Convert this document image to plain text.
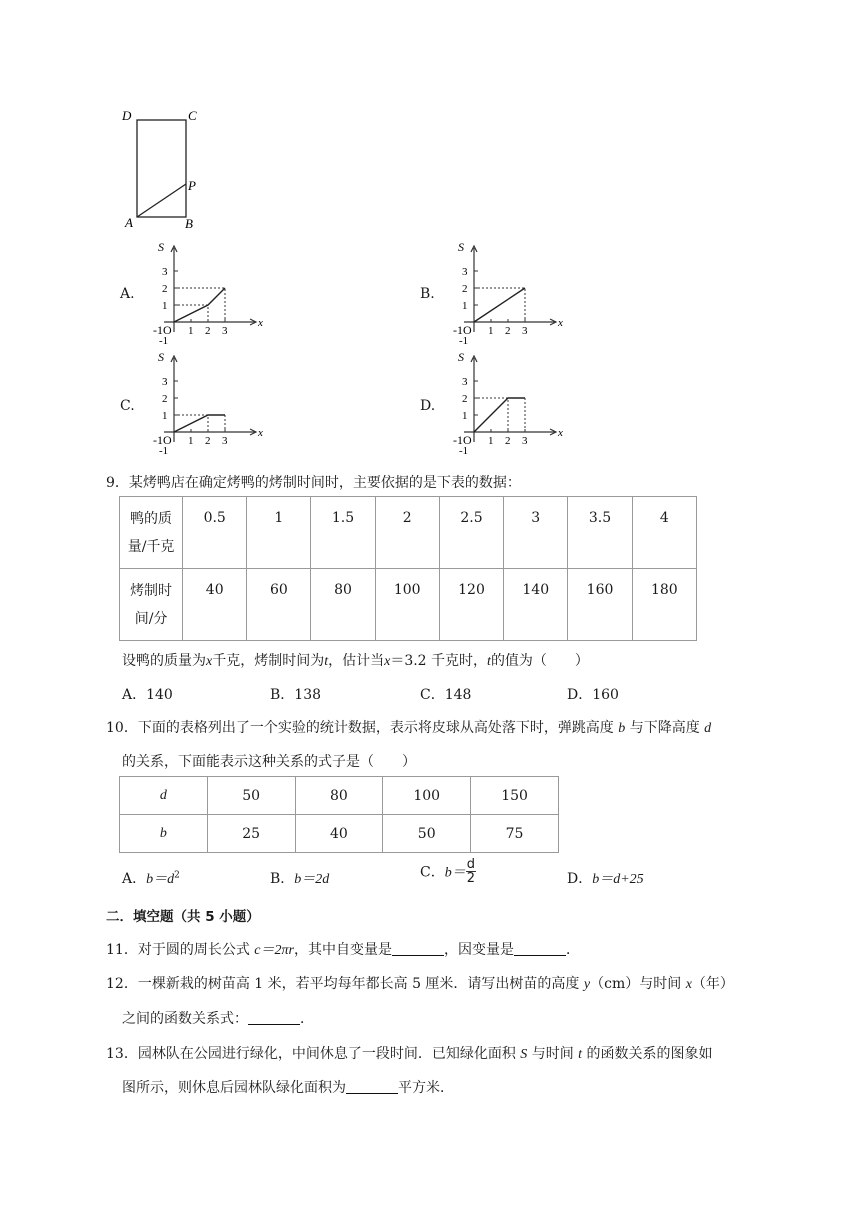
D	C
P
A	B
A.
S
x
-1O
-1
1
1
2
2
3
3
B.
S
x
-1O
-1
1
1
2
2
3
3
C.
S
x
-1O
-1
1
1
2
2
3
3
D.
S
x
-1O
-1
1
1
2
2
3
3
9．某烤鸭店在确定烤鸭的烤制时间时，主要依据的是下表的数据：
鸭的质
量/千克	0.5	1	1.5	2	2.5	3	3.5	4
烤制时
间/分	40	60	80	100	120	140	160	180
设鸭的质量为x千克，烤制时间为t，估计当x＝3.2 千克时，t的值为（　　）
A．140	B．138	C．148	D．160
10．下面的表格列出了一个实验的统计数据，表示将皮球从高处落下时，弹跳高度 b 与下降高度 d
的关系，下面能表示这种关系的式子是（　　）
d	50	80	100	150
b	25	40	50	75
A．$b=d^2$	B．b＝2d	C．$b= \frac{d}{2}$	D．b＝d+25
二．填空题（共 5 小题）
11．对于圆的周长公式 c＝2πr，其中自变量是	，因变量是	．
12．一棵新栽的树苗高 1 米，若平均每年都长高 5 厘米．请写出树苗的高度 y（cm）与时间 x（年）
之间的函数关系式：	．
13．园林队在公园进行绿化，中间休息了一段时间．已知绿化面积 S 与时间 t 的函数关系的图象如
图所示，则休息后园林队绿化面积为	平方米．
